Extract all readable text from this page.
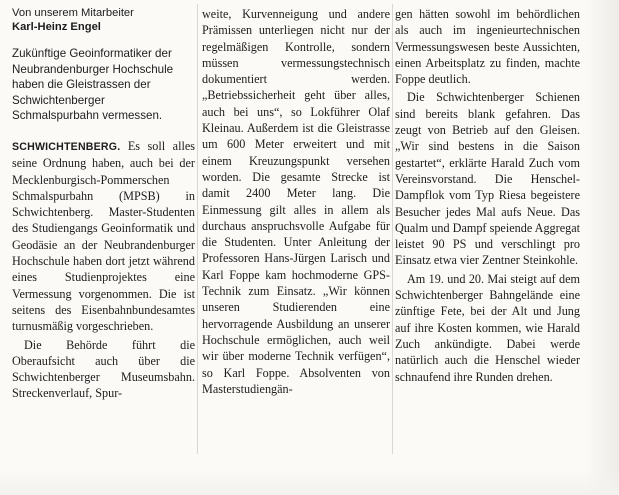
Von unserem Mitarbeiter

Karl-Heinz Engel

Zukünftige Geoinformatiker der Neubrandenburger Hochschule haben die Gleistrassen der Schwichtenberger Schmalspurbahn vermessen.

SCHWICHTENBERG. Es soll alles seine Ordnung haben, auch bei der Mecklenburgisch-Pommerschen Schmalspurbahn (MPSB) in Schwichtenberg. Master-Studenten des Studiengangs Geoinformatik und Geodäsie an der Neubrandenburger Hochschule haben dort jetzt während eines Studienprojektes eine Vermessung vorgenommen. Die ist seitens des Eisenbahnbundesamtes turnusmäßig vorgeschrieben.

Die Behörde führt die Oberaufsicht auch über die Schwichtenberger Museumsbahn. Streckenverlauf, Spur-

weite, Kurvenneigung und andere Prämissen unterliegen nicht nur der regelmäßigen Kontrolle, sondern müssen vermessungstechnisch dokumentiert werden. „Betriebssicherheit geht über alles, auch bei uns“, so Lokführer Olaf Kleinau. Außerdem ist die Gleistrasse um 600 Meter erweitert und mit einem Kreuzungspunkt versehen worden. Die gesamte Strecke ist damit 2400 Meter lang. Die Einmessung gilt alles in allem als durchaus anspruchsvolle Aufgabe für die Studenten. Unter Anleitung der Professoren Hans-Jürgen Larisch und Karl Foppe kam hochmoderne GPS-Technik zum Einsatz. „Wir können unseren Studierenden eine hervorragende Ausbildung an unserer Hochschule ermöglichen, auch weil wir über moderne Technik verfügen“, so Karl Foppe. Absolventen von Masterstudiengän-

gen hätten sowohl im behördlichen als auch im ingenieurtechnischen Vermessungswesen beste Aussichten, einen Arbeitsplatz zu finden, machte Foppe deutlich.

Die Schwichtenberger Schienen sind bereits blank gefahren. Das zeugt von Betrieb auf den Gleisen. „Wir sind bestens in die Saison gestartet“, erklärte Harald Zuch vom Vereinsvorstand. Die Henschel-Dampflok vom Typ Riesa begeistere Besucher jedes Mal aufs Neue. Das Qualm und Dampf speiende Aggregat leistet 90 PS und verschlingt pro Einsatz etwa vier Zentner Steinkohle.

Am 19. und 20. Mai steigt auf dem Schwichtenberger Bahngelände eine zünftige Fete, bei der Alt und Jung auf ihre Kosten kommen, wie Harald Zuch ankündigte. Dabei werde natürlich auch die Henschel wieder schnaufend ihre Runden drehen.
